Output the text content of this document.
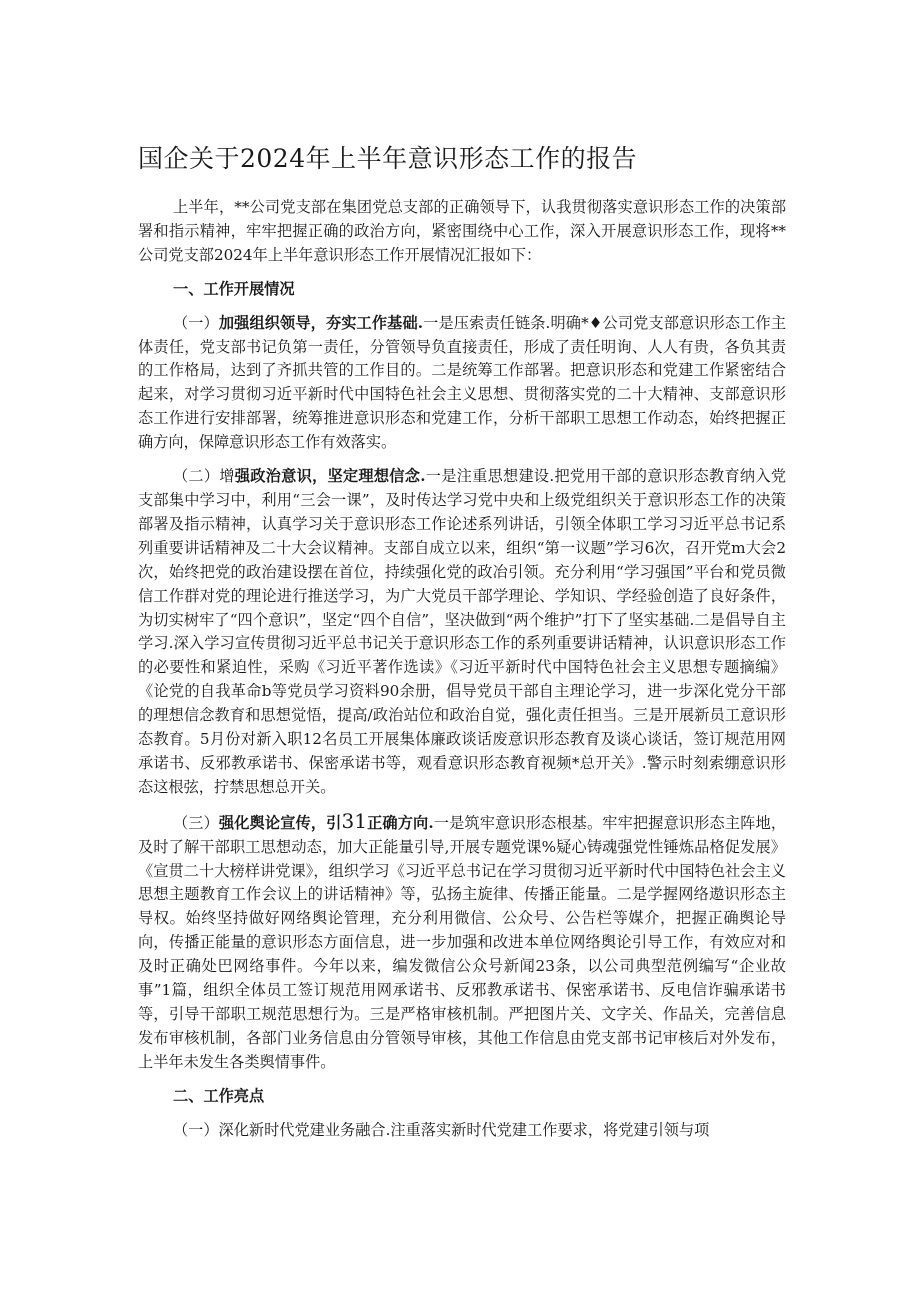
国企关于2024年上半年意识形态工作的报告

上半年，**公司党支部在集团党总支部的正确领导下，认我贯彻落实意识形态工作的决策部署和指示精神，牢牢把握正确的政治方向，紧密围绕中心工作，深入开展意识形态工作，现将**公司党支部2024年上半年意识形态工作开展情况汇报如下：

一、工作开展情况

（一）加强组织领导，夯实工作基础.一是压索责任链条.明确*♦公司党支部意识形态工作主体责任，党支部书记负第一责任，分管领导负直接责任，形成了责任明询、人人有贵，各负其责的工作格局，达到了齐抓共管的工作目的。二是统筹工作部署。把意识形态和党建工作紧密结合起来，对学习贯彻习近平新时代中国特色社会主义思想、贯彻落实党的二十大精神、支部意识形态工作进行安排部署，统筹推进意识形态和党建工作，分析干部职工思想工作动态，始终把握正确方向，保障意识形态工作有效落实。

（二）增强政治意识，坚定理想信念.一是注重思想建设.把党用干部的意识形态教育纳入党支部集中学习中，利用“三会一课”，及时传达学习党中央和上级党组织关于意识形态工作的决策部署及指示精神，认真学习关于意识形态工作论述系列讲话，引领全体职工学习习近平总书记系列重要讲话精神及二十大会议精神。支部自成立以来，组织“第一议题”学习6次，召开党m大会2次，始终把党的政治建设摆在首位，持续强化党的政冶引领。充分利用“学习强国”平台和党员微信工作群对党的理论进行推送学习，为广大党员干部学理论、学知识、学经验创造了良好条件，为切实树牢了“四个意识”，坚定“四个自信”，坚决做到“两个维护”打下了坚实基础.二是倡导自主学习.深入学习宣传贯彻习近平总书记关于意识形态工作的系列重要讲话精神，认识意识形态工作的必要性和紧迫性，采购《习近平著作选读》《习近平新时代中国特色社会主义思想专题摘编》《论党的自我革命b等党员学习资料90余册，倡导党员干部自主理论学习，进一步深化党分干部的理想信念教育和思想觉悟，提高/政治站位和政治自觉，强化责任担当。三是开展新员工意识形态教育。5月份对新入职12名员工开展集体廉政谈话废意识形态教育及谈心谈话，签订规范用网承诺书、反邪教承诺书、保密承诺书等，观看意识形态教育视频*总开关》.警示时刻索绷意识形态这根弦，拧禁思想总开关。

（三）强化舆论宣传，引31正确方向.一是筑牢意识形态根基。牢牢把握意识形态主阵地，及时了解干部职工思想动态，加大正能量引导,开展专题党课%疑心铸魂强党性锤炼品格促发展》《宣贯二十大榜样讲党课》，组织学习《习近平总书记在学习贯彻习近平新时代中国特色社会主义思想主题教育工作会议上的讲话精神》等，弘扬主旋律、传播正能量。二是学握网络遨识形态主导权。始终坚持做好网络舆论管理，充分利用微信、公众号、公告栏等媒介，把握正确舆论导向，传播正能量的意识形态方面信息，进一步加强和改进本单位网络舆论引导工作，有效应对和及时正确处巴网络事件。今年以来，编发微信公众号新闻23条，以公司典型范例编写“企业故事”1篇，组织全体员工签订规范用网承诺书、反邪教承诺书、保密承诺书、反电信诈骗承诺书等，引导干部职工规范思想行为。三是严格审核机制。严把图片关、文字关、作品关，完善信息发布审核机制，各部门业务信息由分管领导审核，其他工作信息由党支部书记审核后对外发布，上半年未发生各类舆情事件。

二、工作亮点

（一）深化新时代党建业务融合.注重落实新时代党建工作要求，将党建引领与项
